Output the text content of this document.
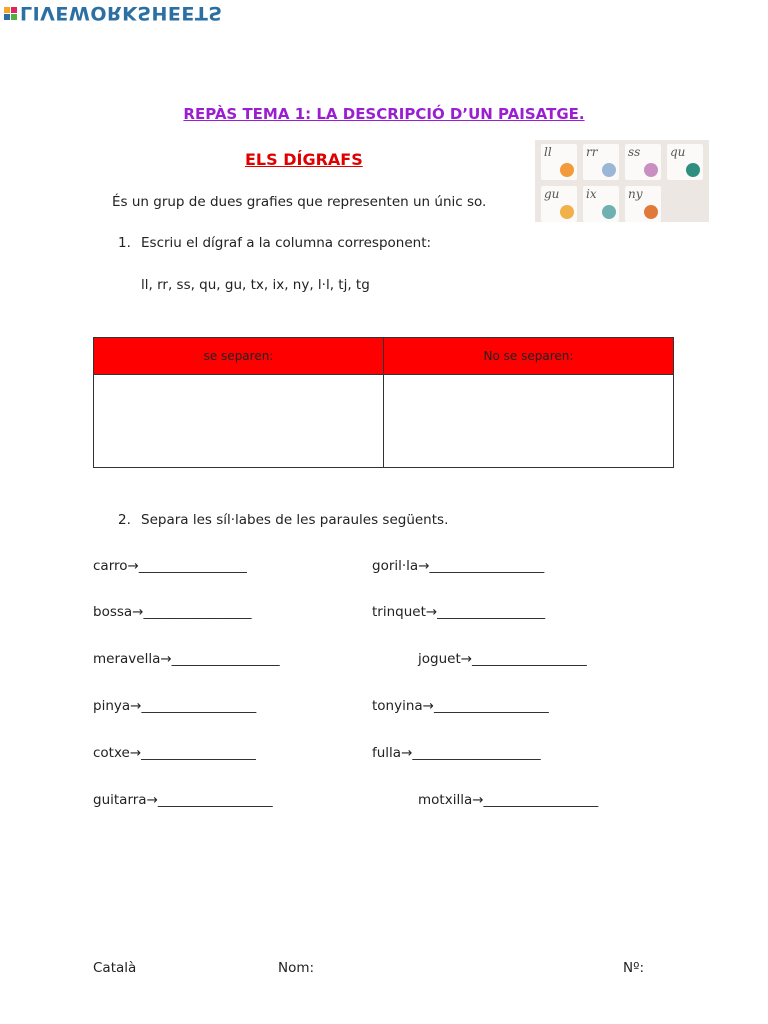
LIVEWORKSHEETS
REPÀS TEMA 1: LA DESCRIPCIÓ D’UN PAISATGE.
ELS DÍGRAFS	ll	rr	ss qu
gu ix	ny
És un grup de dues grafies que representen un únic so.
1. Escriu el dígraf a la columna corresponent:
ll, rr, ss, qu, gu, tx, ix, ny, l·l, tj, tg
se separen:	No se separen:

2. Separa les síl·labes de les paraules següents.
carro→________________
bossa→________________
meravella→________________
pinya→_________________
cotxe→_________________
guitarra→_________________
goril·la→_________________
trinquet→________________
joguet→_________________
tonyina→_________________
fulla→___________________
motxilla→_________________
Català	Nom:	Nº:
